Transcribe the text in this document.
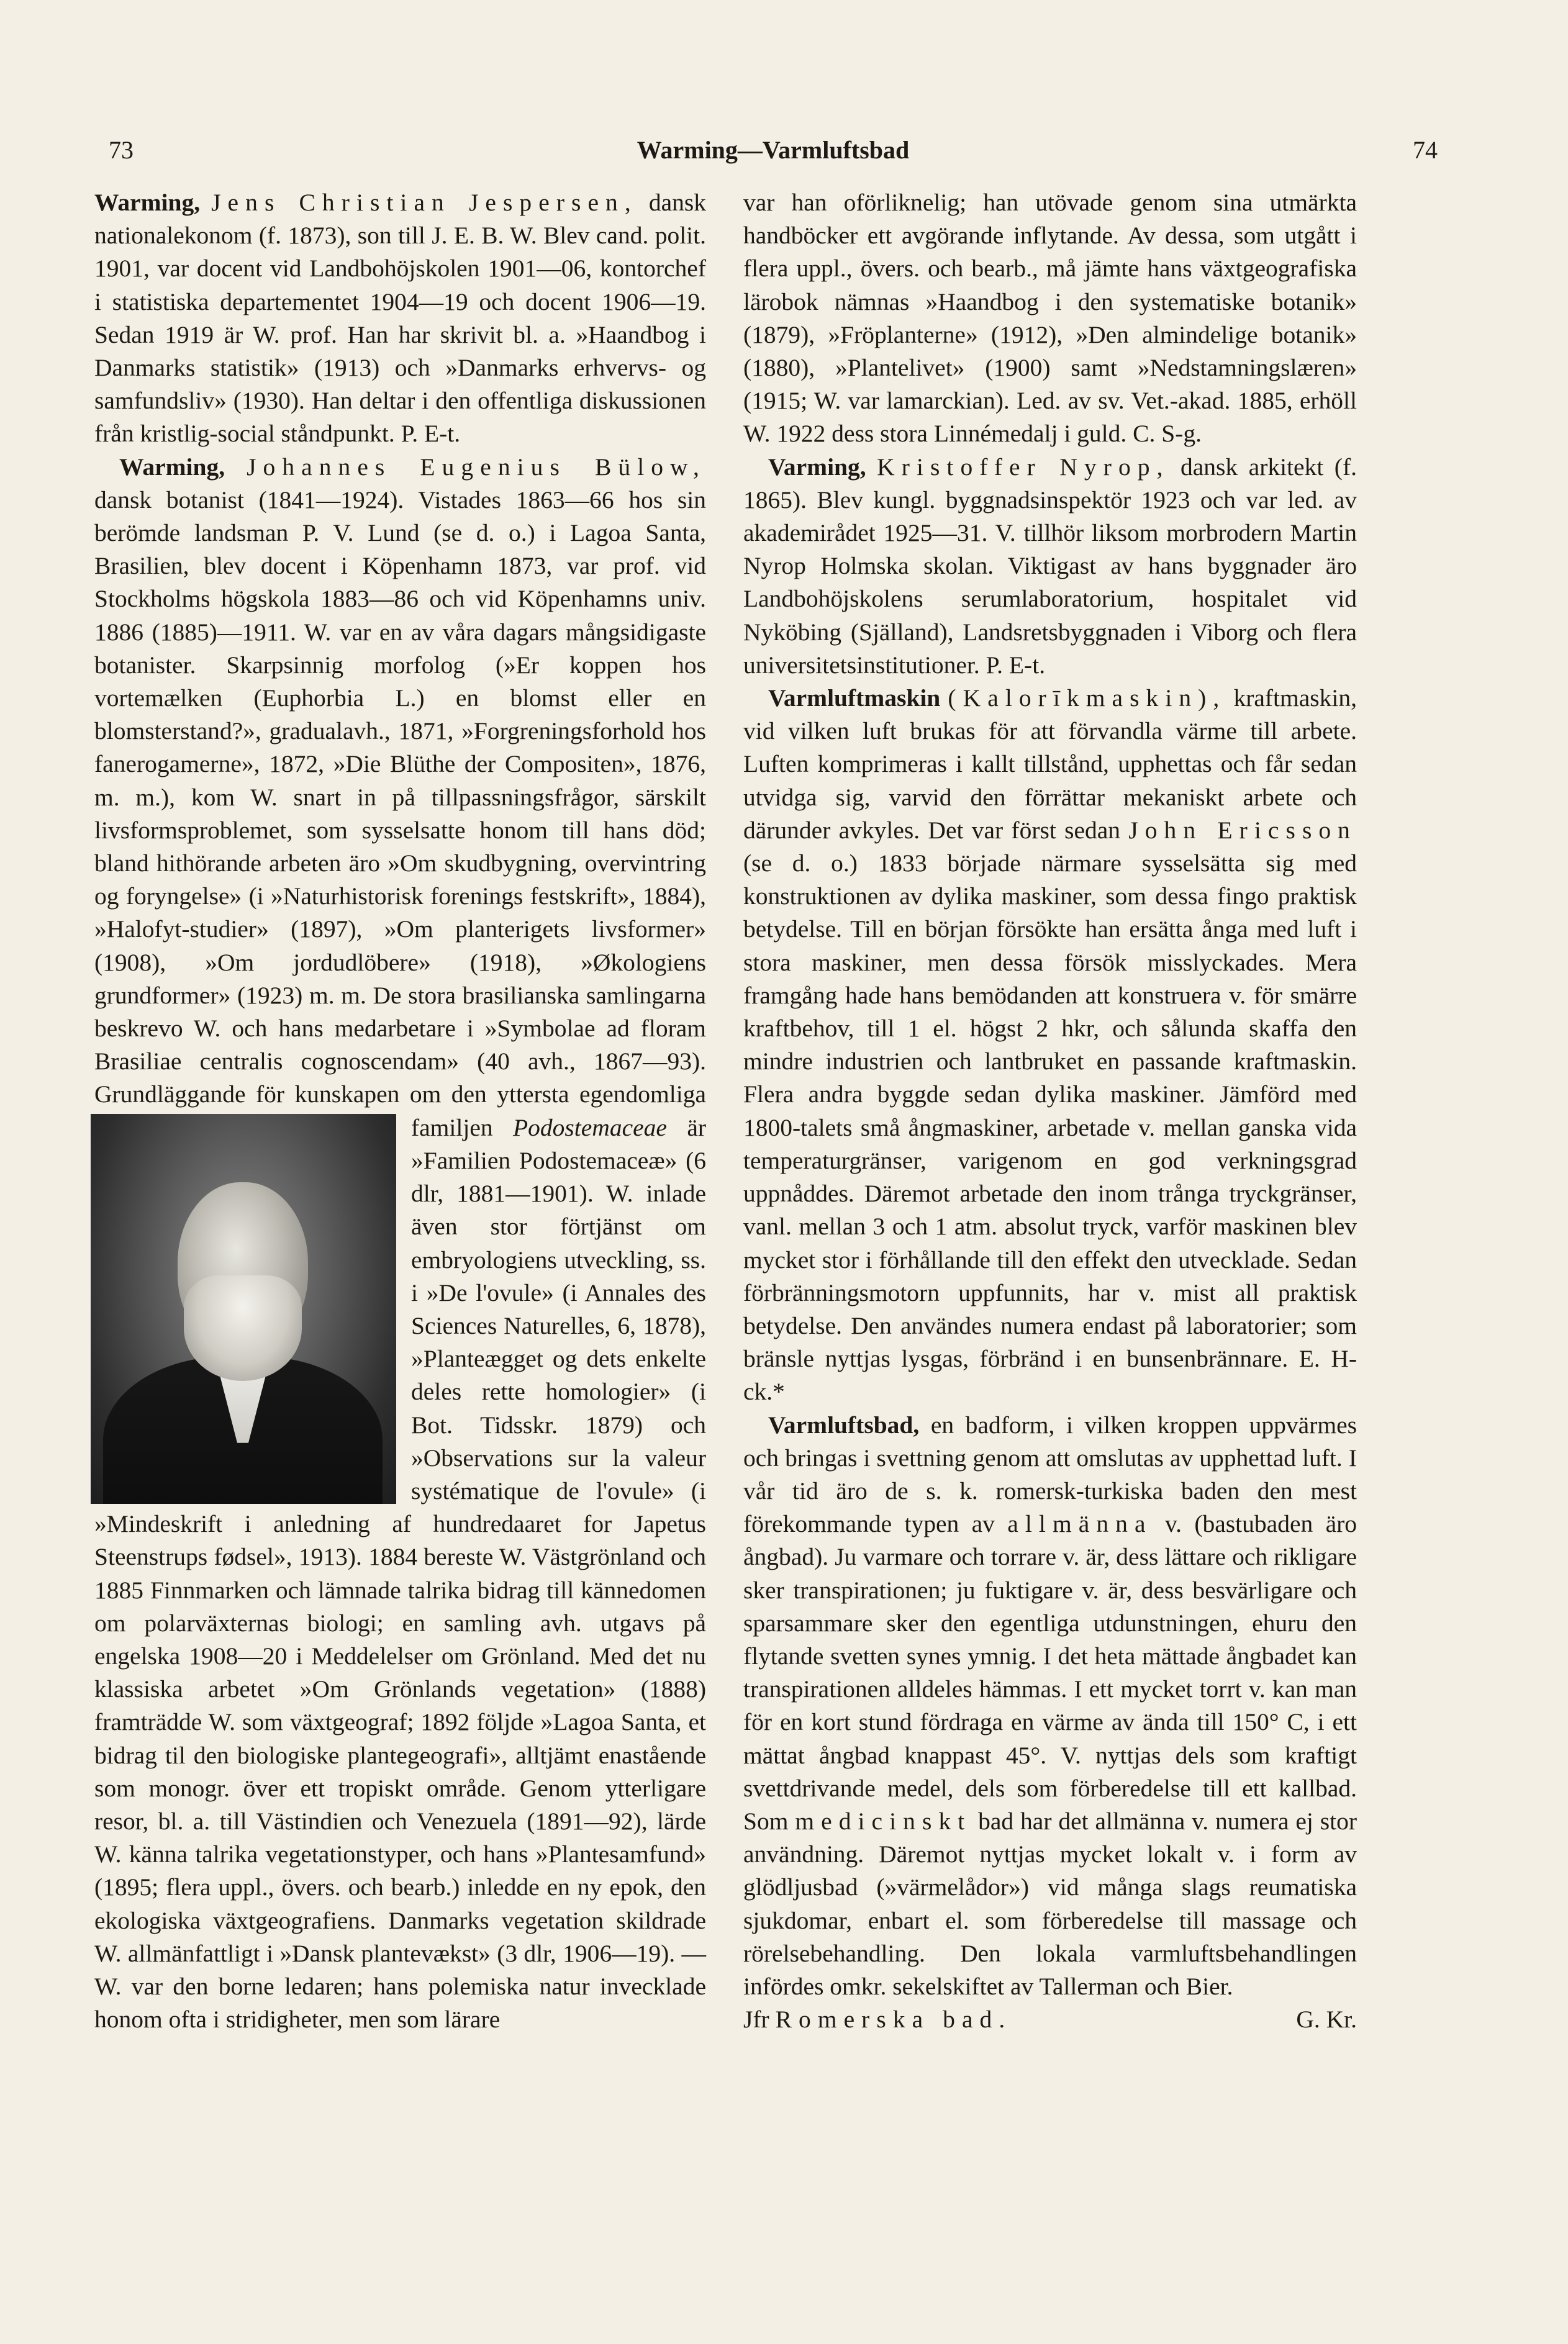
73	Warming—Varmluftsbad	74

Warming, Jens Christian Jespersen, dansk nationalekonom (f. 1873), son till J. E. B. W. Blev cand. polit. 1901, var docent vid Landbohöjskolen 1901—06, kontorchef i statistiska departementet 1904—19 och docent 1906—19. Sedan 1919 är W. prof. Han har skrivit bl. a. »Haandbog i Danmarks statistik» (1913) och »Danmarks erhvervs- og samfundsliv» (1930). Han deltar i den offentliga diskussionen från kristlig-social ståndpunkt. P. E-t.

Warming, Johannes Eugenius Bülow, dansk botanist (1841—1924). Vistades 1863—66 hos sin berömde landsman P. V. Lund (se d. o.) i Lagoa Santa, Brasilien, blev docent i Köpenhamn 1873, var prof. vid Stockholms högskola 1883—86 och vid Köpenhamns univ. 1886 (1885)—1911. W. var en av våra dagars mångsidigaste botanister. Skarpsinnig morfolog (»Er koppen hos vortemælken (Euphorbia L.) en blomst eller en blomsterstand?», gradualavh., 1871, »Forgreningsforhold hos fanerogamerne», 1872, »Die Blüthe der Compositen», 1876, m. m.), kom W. snart in på tillpassningsfrågor, särskilt livsformsproblemet, som sysselsatte honom till hans död; bland hithörande arbeten äro »Om skudbygning, overvintring og foryngelse» (i »Naturhistorisk forenings festskrift», 1884), »Halofyt-studier» (1897), »Om planterigets livsformer» (1908), »Om jordudlöbere» (1918), »Økologiens grundformer» (1923) m. m. De stora brasilianska samlingarna beskrevo W. och hans medarbetare i »Symbolae ad floram Brasiliae centralis cognoscendam» (40 avh., 1867—93). Grundläggande för kunskapen om den yttersta egendomliga familjen Podostemaceae är »Familien Podostemaceæ» (6 dlr, 1881—1901). W. inlade även stor förtjänst om embryologiens utveckling, ss. i »De l'ovule» (i Annales des Sciences Naturelles, 6, 1878), »Planteægget og dets enkelte deles rette homologier» (i Bot. Tidsskr. 1879) och »Observations sur la valeur systématique de l'ovule» (i »Mindeskrift i anledning af hundredaaret for Japetus Steenstrups fødsel», 1913). 1884 bereste W. Västgrönland och 1885 Finnmarken och lämnade talrika bidrag till kännedomen om polarväxternas biologi; en samling avh. utgavs på engelska 1908—20 i Meddelelser om Grönland. Med det nu klassiska arbetet »Om Grönlands vegetation» (1888) framträdde W. som växtgeograf; 1892 följde »Lagoa Santa, et bidrag til den biologiske plantegeografi», alltjämt enastående som monogr. över ett tropiskt område. Genom ytterligare resor, bl. a. till Västindien och Venezuela (1891—92), lärde W. känna talrika vegetationstyper, och hans »Plantesamfund» (1895; flera uppl., övers. och bearb.) inledde en ny epok, den ekologiska växtgeografiens. Danmarks vegetation skildrade W. allmänfattligt i »Dansk plantevækst» (3 dlr, 1906—19). — W. var den borne ledaren; hans polemiska natur invecklade honom ofta i stridigheter, men som lärare

var han oförliknelig; han utövade genom sina utmärkta handböcker ett avgörande inflytande. Av dessa, som utgått i flera uppl., övers. och bearb., må jämte hans växtgeografiska lärobok nämnas »Haandbog i den systematiske botanik» (1879), »Fröplanterne» (1912), »Den almindelige botanik» (1880), »Plantelivet» (1900) samt »Nedstamningslæren» (1915; W. var lamarckian). Led. av sv. Vet.-akad. 1885, erhöll W. 1922 dess stora Linnémedalj i guld. C. S-g.

Varming, Kristoffer Nyrop, dansk arkitekt (f. 1865). Blev kungl. byggnadsinspektör 1923 och var led. av akademirådet 1925—31. V. tillhör liksom morbrodern Martin Nyrop Holmska skolan. Viktigast av hans byggnader äro Landbohöjskolens serumlaboratorium, hospitalet vid Nyköbing (Själland), Landsretsbyggnaden i Viborg och flera universitetsinstitutioner. P. E-t.

Varmluftmaskin (Kalorīkmaskin), kraftmaskin, vid vilken luft brukas för att förvandla värme till arbete. Luften komprimeras i kallt tillstånd, upphettas och får sedan utvidga sig, varvid den förrättar mekaniskt arbete och därunder avkyles. Det var först sedan John Ericsson (se d. o.) 1833 började närmare sysselsätta sig med konstruktionen av dylika maskiner, som dessa fingo praktisk betydelse. Till en början försökte han ersätta ånga med luft i stora maskiner, men dessa försök misslyckades. Mera framgång hade hans bemödanden att konstruera v. för smärre kraftbehov, till 1 el. högst 2 hkr, och sålunda skaffa den mindre industrien och lantbruket en passande kraftmaskin. Flera andra byggde sedan dylika maskiner. Jämförd med 1800-talets små ångmaskiner, arbetade v. mellan ganska vida temperaturgränser, varigenom en god verkningsgrad uppnåddes. Däremot arbetade den inom trånga tryckgränser, vanl. mellan 3 och 1 atm. absolut tryck, varför maskinen blev mycket stor i förhållande till den effekt den utvecklade. Sedan förbränningsmotorn uppfunnits, har v. mist all praktisk betydelse. Den användes numera endast på laboratorier; som bränsle nyttjas lysgas, förbränd i en bunsenbrännare. E. H-ck.*

Varmluftsbad, en badform, i vilken kroppen uppvärmes och bringas i svettning genom att omslutas av upphettad luft. I vår tid äro de s. k. romersk-turkiska baden den mest förekommande typen av allmänna v. (bastubaden äro ångbad). Ju varmare och torrare v. är, dess lättare och rikligare sker transpirationen; ju fuktigare v. är, dess besvärligare och sparsammare sker den egentliga utdunstningen, ehuru den flytande svetten synes ymnig. I det heta mättade ångbadet kan transpirationen alldeles hämmas. I ett mycket torrt v. kan man för en kort stund fördraga en värme av ända till 150° C, i ett mättat ångbad knappast 45°. V. nyttjas dels som kraftigt svettdrivande medel, dels som förberedelse till ett kallbad. Som medicinskt bad har det allmänna v. numera ej stor användning. Däremot nyttjas mycket lokalt v. i form av glödljusbad (»värmelådor») vid många slags reumatiska sjukdomar, enbart el. som förberedelse till massage och rörelsebehandling. Den lokala varmluftsbehandlingen infördes omkr. sekelskiftet av Tallerman och Bier.

Jfr Romerska bad.	G. Kr.
